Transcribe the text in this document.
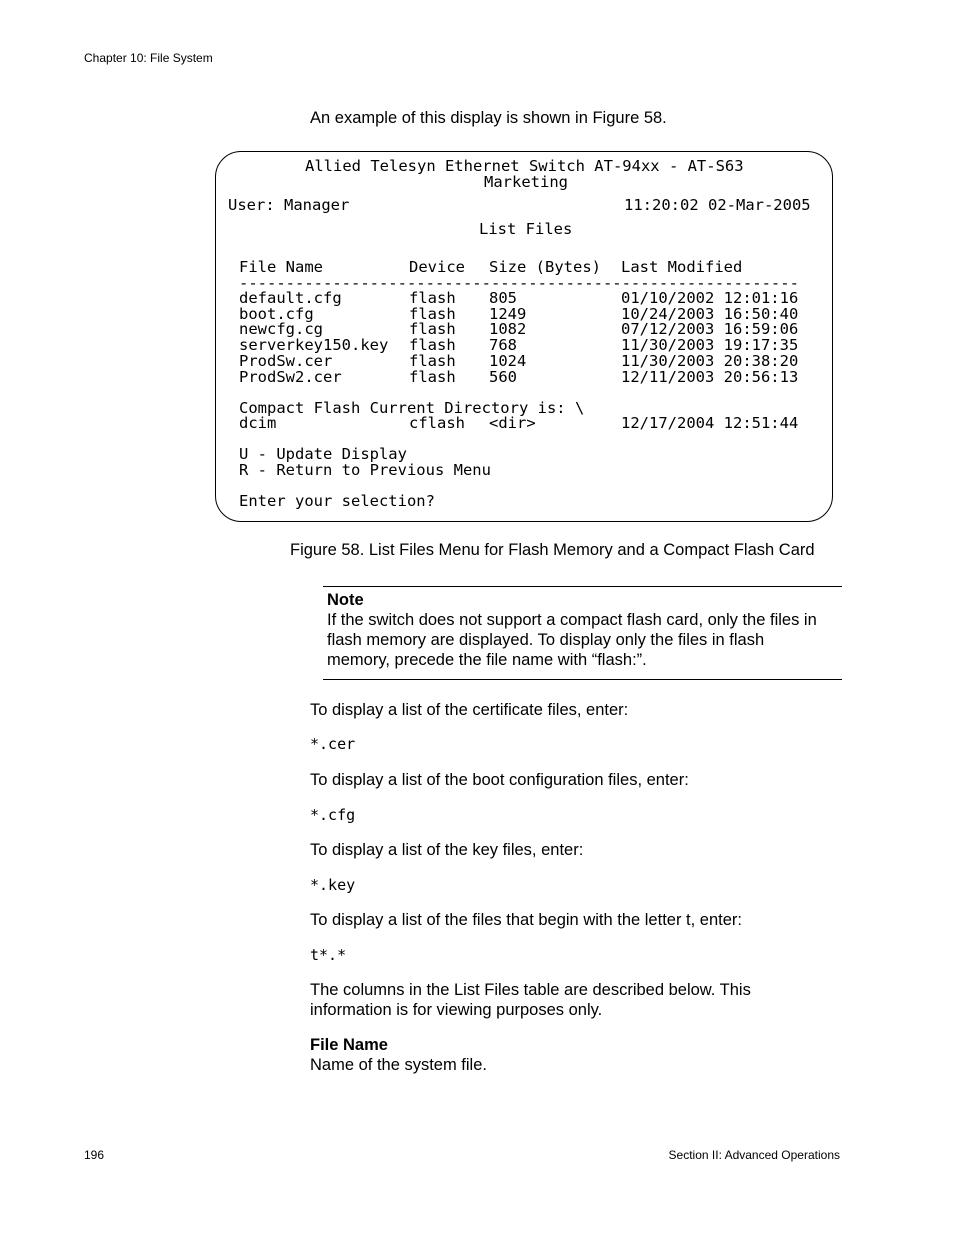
Chapter 10: File System
An example of this display is shown in Figure 58.
Allied Telesyn Ethernet Switch AT-94xx - AT-S63
Marketing
User: Manager	11:20:02 02-Mar-2005
List Files
File Name	Device Size (Bytes) Last Modified
------------------------------------------------------------
default.cfg	flash 805	01/10/2002 12:01:16
boot.cfg	flash 1249	10/24/2003 16:50:40
newcfg.cg	flash 1082	07/12/2003 16:59:06
serverkey150.key flash 768	11/30/2003 19:17:35
ProdSw.cer	flash 1024	11/30/2003 20:38:20
ProdSw2.cer	flash 560	12/11/2003 20:56:13
Compact Flash Current Directory is: \
dcim	cflash <dir>	12/17/2004 12:51:44
U - Update Display
R - Return to Previous Menu
Enter your selection?
Figure 58. List Files Menu for Flash Memory and a Compact Flash Card
Note
If the switch does not support a compact flash card, only the files in
flash memory are displayed. To display only the files in flash
memory, precede the file name with “flash:”.
To display a list of the certificate files, enter:
*.cer
To display a list of the boot configuration files, enter:
*.cfg
To display a list of the key files, enter:
*.key
To display a list of the files that begin with the letter t, enter:
t*.*
The columns in the List Files table are described below. This
information is for viewing purposes only.
File Name
Name of the system file.
196	Section II: Advanced Operations
